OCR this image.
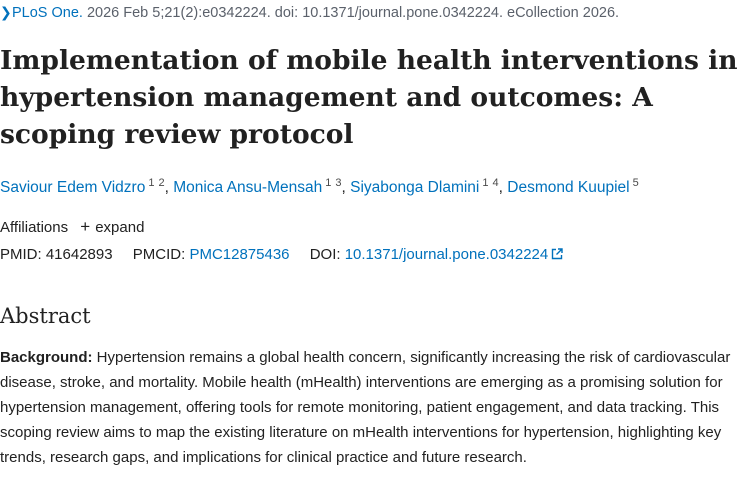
❯PLoS One. 2026 Feb 5;21(2):e0342224. doi: 10.1371/journal.pone.0342224. eCollection 2026.
Implementation of mobile health interventions in hypertension management and outcomes: A scoping review protocol
Saviour Edem Vidzro $^{1 2}$, Monica Ansu-Mensah $^{1 3}$, Siyabonga Dlamini $^{1 4}$, Desmond Kuupiel $^5$
Affiliations + expand
PMID: 41642893 PMCID: PMC12875436 DOI: 10.1371/journal.pone.0342224
Abstract

Background: Hypertension remains a global health concern, significantly increasing the risk of cardiovascular disease, stroke, and mortality. Mobile health (mHealth) interventions are emerging as a promising solution for hypertension management, offering tools for remote monitoring, patient engagement, and data tracking. This scoping review aims to map the existing literature on mHealth interventions for hypertension, highlighting key trends, research gaps, and implications for clinical practice and future research.
